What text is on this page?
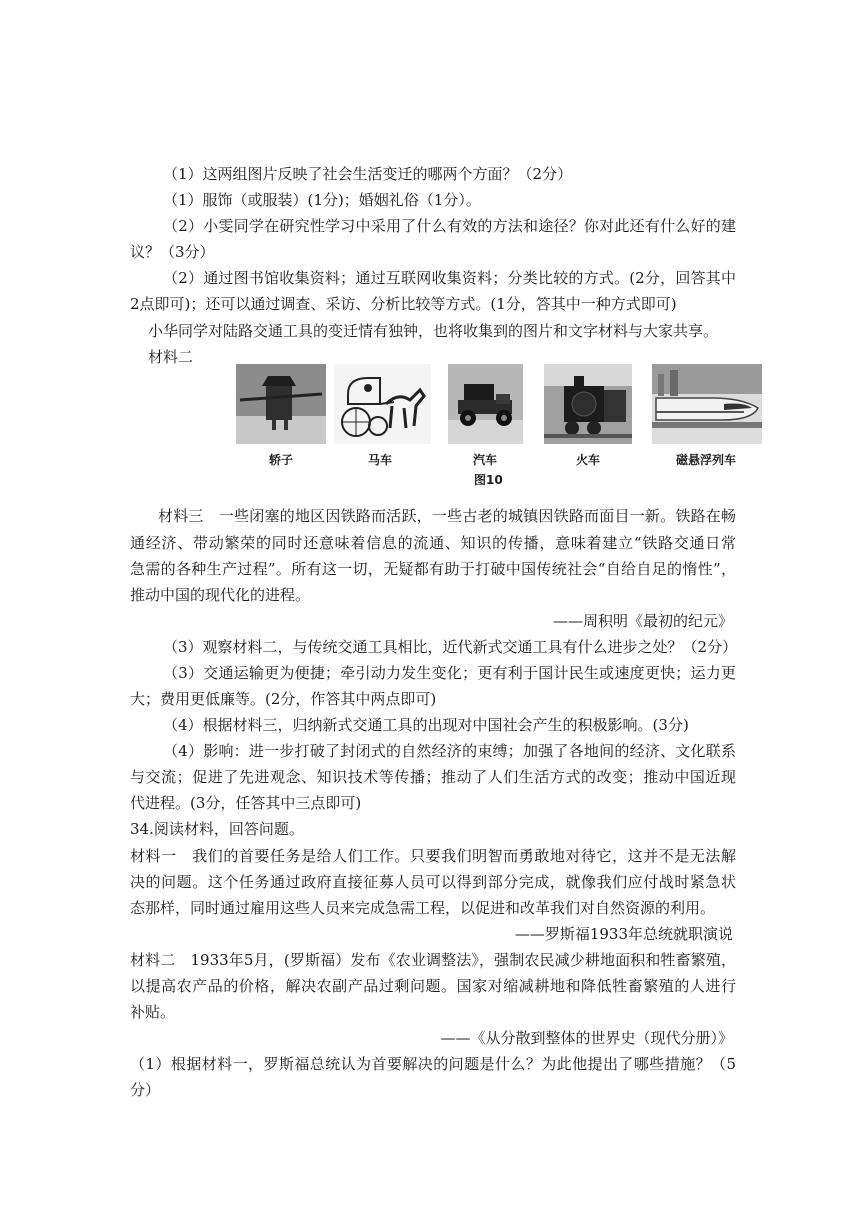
（1）这两组图片反映了社会生活变迁的哪两个方面？（2分）
（1）服饰（或服装）(1分)；婚姻礼俗（1分）。
（2）小雯同学在研究性学习中采用了什么有效的方法和途径？你对此还有什么好的建
议？（3分）
（2）通过图书馆收集资料；通过互联网收集资料；分类比较的方式。(2分，回答其中
2点即可)；还可以通过调查、采访、分析比较等方式。(1分，答其中一种方式即可)
小华同学对陆路交通工具的变迁情有独钟，也将收集到的图片和文字材料与大家共享。
材料二
轿子	马车	汽车	火车	磁悬浮列车
图10
材料三　一些闭塞的地区因铁路而活跃，一些古老的城镇因铁路而面目一新。铁路在畅
通经济、带动繁荣的同时还意味着信息的流通、知识的传播，意味着建立“铁路交通日常
急需的各种生产过程”。所有这一切，无疑都有助于打破中国传统社会“自给自足的惰性”，
推动中国的现代化的进程。
——周积明《最初的纪元》
（3）观察材料二，与传统交通工具相比，近代新式交通工具有什么进步之处？（2分）
（3）交通运输更为便捷；牵引动力发生变化；更有利于国计民生或速度更快；运力更
大；费用更低廉等。(2分，作答其中两点即可)
（4）根据材料三，归纳新式交通工具的出现对中国社会产生的积极影响。(3分)
（4）影响：进一步打破了封闭式的自然经济的束缚；加强了各地间的经济、文化联系
与交流；促进了先进观念、知识技术等传播；推动了人们生活方式的改变；推动中国近现
代进程。(3分，任答其中三点即可)
34.阅读材料，回答问题。
材料一　我们的首要任务是给人们工作。只要我们明智而勇敢地对待它，这并不是无法解
决的问题。这个任务通过政府直接征募人员可以得到部分完成，就像我们应付战时紧急状
态那样，同时通过雇用这些人员来完成急需工程，以促进和改革我们对自然资源的利用。
——罗斯福1933年总统就职演说
材料二　1933年5月，(罗斯福）发布《农业调整法》，强制农民减少耕地面积和牲畜繁殖，
以提高农产品的价格，解决农副产品过剩问题。国家对缩减耕地和降低牲畜繁殖的人进行
补贴。
——《从分散到整体的世界史（现代分册）》
（1）根据材料一，罗斯福总统认为首要解决的问题是什么？为此他提出了哪些措施？（5
分）
